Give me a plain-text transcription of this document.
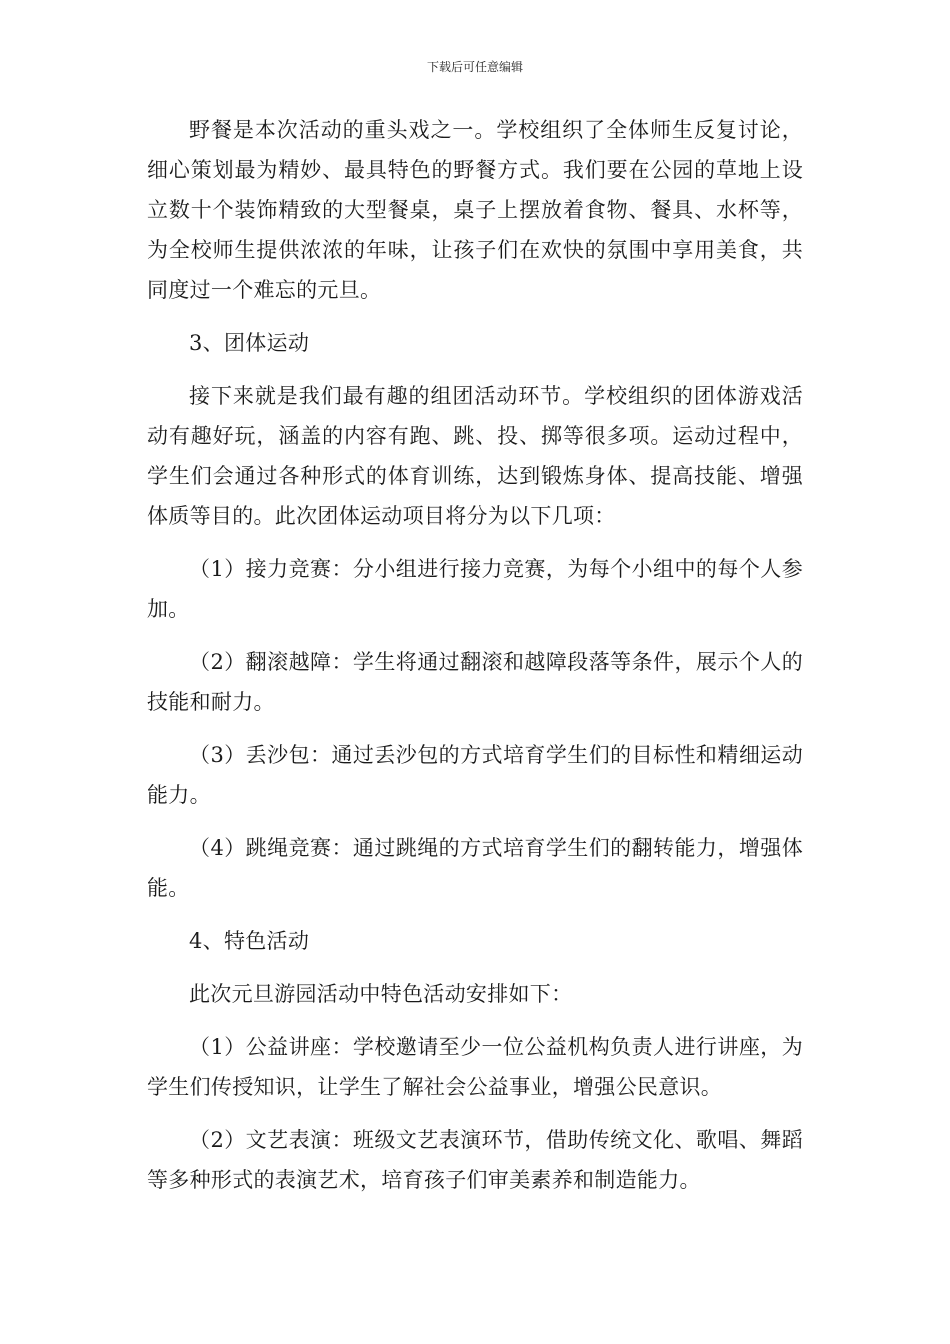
下载后可任意编辑

野餐是本次活动的重头戏之一。学校组织了全体师生反复讨论，细心策划最为精妙、最具特色的野餐方式。我们要在公园的草地上设立数十个装饰精致的大型餐桌，桌子上摆放着食物、餐具、水杯等，为全校师生提供浓浓的年味，让孩子们在欢快的氛围中享用美食，共同度过一个难忘的元旦。

3、团体运动

接下来就是我们最有趣的组团活动环节。学校组织的团体游戏活动有趣好玩，涵盖的内容有跑、跳、投、掷等很多项。运动过程中，学生们会通过各种形式的体育训练，达到锻炼身体、提高技能、增强体质等目的。此次团体运动项目将分为以下几项：

（1）接力竞赛：分小组进行接力竞赛，为每个小组中的每个人参加。

（2）翻滚越障：学生将通过翻滚和越障段落等条件，展示个人的技能和耐力。

（3）丢沙包：通过丢沙包的方式培育学生们的目标性和精细运动能力。

（4）跳绳竞赛：通过跳绳的方式培育学生们的翻转能力，增强体能。

4、特色活动

此次元旦游园活动中特色活动安排如下：

（1）公益讲座：学校邀请至少一位公益机构负责人进行讲座，为学生们传授知识，让学生了解社会公益事业，增强公民意识。

（2）文艺表演：班级文艺表演环节，借助传统文化、歌唱、舞蹈等多种形式的表演艺术，培育孩子们审美素养和制造能力。
